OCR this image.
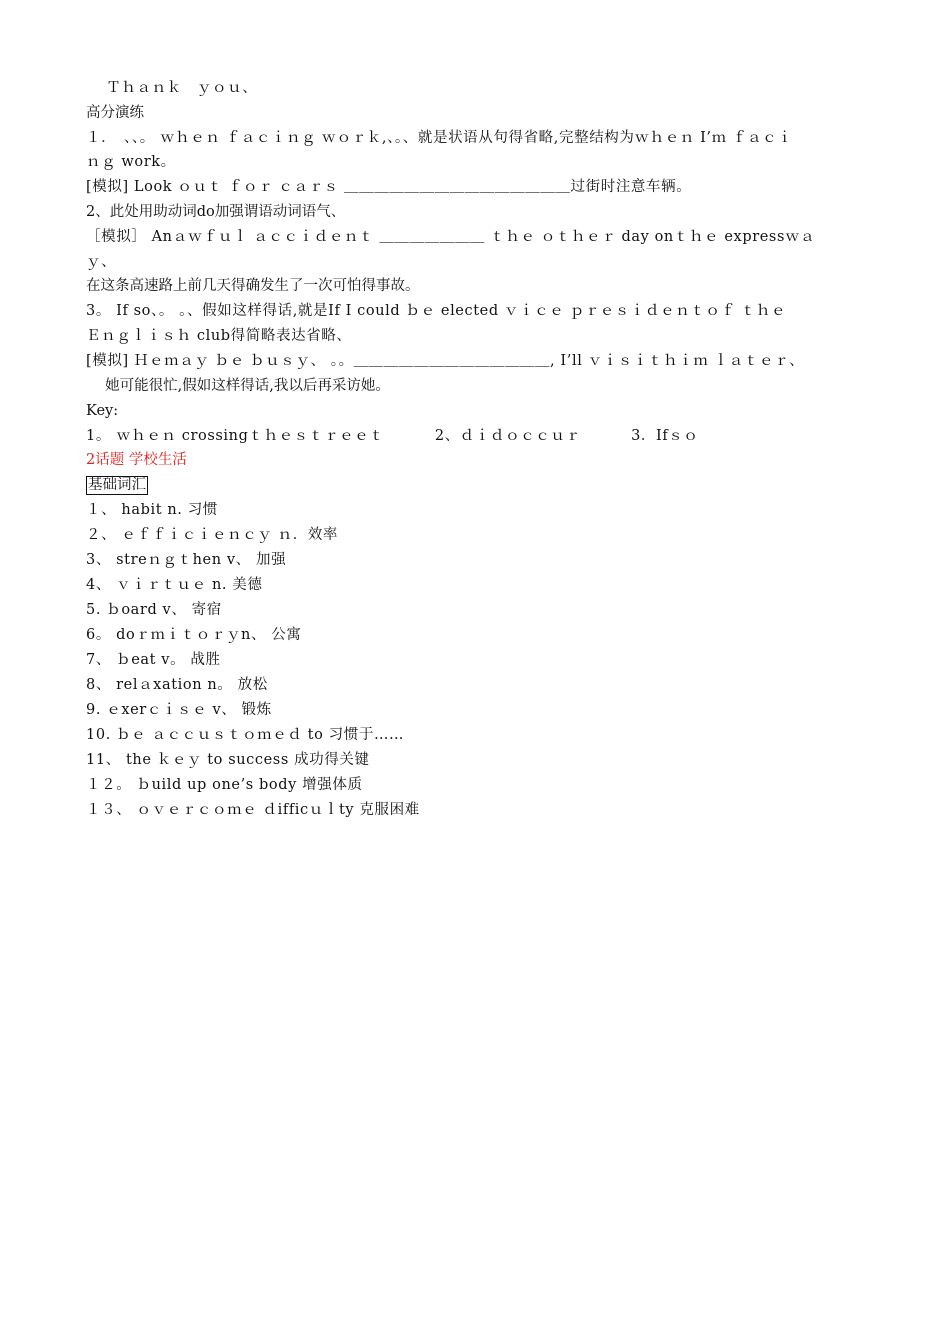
　 Ｔｈａｎｋ　ｙｏｕ、
高分演练
１．　、、。 ｗｈｅｎ ｆａｃｉｎｇ ｗｏｒｋ,、。、就是状语从句得省略,完整结构为ｗｈｅｎ I’ｍ ｆａｃｉ
ｎｇ work。
[模拟] Look ｏｕｔ ｆｏｒ ｃａｒｓ ＿＿＿＿＿＿＿＿＿＿＿＿＿＿＿过街时注意车辆。
2、此处用助动词do加强谓语动词语气、
［模拟］ Anａｗｆｕｌ ａｃｃｉｄｅｎｔ ＿＿＿＿＿＿＿ ｔｈｅ ｏｔｈｅｒ day onｔｈｅ expressｗａ
ｙ、
在这条高速路上前几天得确发生了一次可怕得事故。
3。 If so、。 。、假如这样得话,就是If I could ｂｅ elected ｖｉｃｅ ｐｒｅｓｉｄｅｎｔｏｆ ｔｈｅ
Ｅｎｇｌｉｓｈ club得简略表达省略、
[模拟] Ｈｅｍａｙ ｂｅ ｂｕｓｙ、 。。＿＿＿＿＿＿＿＿＿＿＿＿＿, I’ll ｖｉｓｉｔｈｉｍ ｌａｔｅｒ、
　 她可能很忙,假如这样得话,我以后再采访她。
Key:
1。 ｗｈｅｎ crossingｔｈｅｓｔｒｅｅｔ　　　 2、ｄｉｄｏｃｃｕｒ　　　 3．Ifｓｏ
2话题 学校生活
基础词汇
１、 habit n. 习惯
２、 ｅｆｆｉｃｉｅｎｃｙ ｎ．效率
3、 streｎｇｔhen v、 加强
4、 ｖｉｒｔｕｅ n. 美德
5. ｂoard v、 寄宿
6。 doｒｍｉｔｏｒｙn、 公寓
7、 ｂeat v。 战胜
8、 relａxation n。 放松
9. ｅxerｃｉｓｅ v、 锻炼
10. ｂｅ ａｃｃｕｓｔｏｍｅｄ to 习惯于……
11、 the ｋｅｙ to success 成功得关键
１２。 ｂuild up one’s body 增强体质
１３、 ｏｖｅｒｃｏｍｅ ｄifficｕｌty 克服困难
